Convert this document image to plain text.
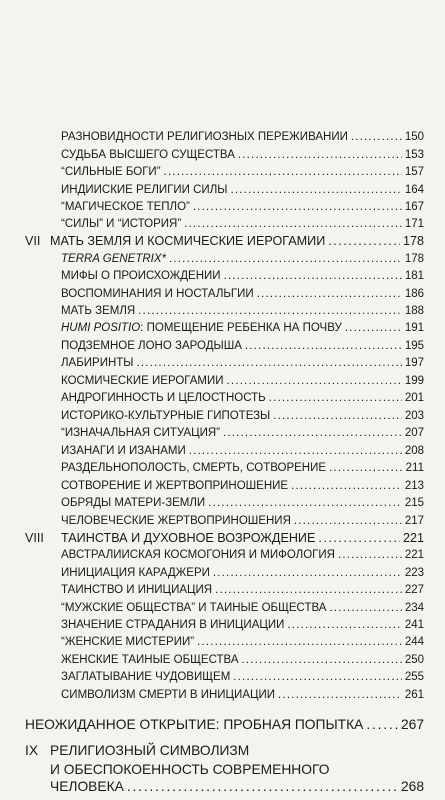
РАЗНОВИДНОСТИ РЕЛИГИОЗНЫХ ПЕРЕЖИВАНИЙ . . .	150
СУДЬБА ВЫСШЕГО СУЩЕСТВА . . .	153
“СИЛЬНЫЕ БОГИ” . . .	157
ИНДИЙСКИЕ РЕЛИГИИ СИЛЫ . . .	164
“МАГИЧЕСКОЕ ТЕПЛО” . . .	167
“СИЛЫ” И “ИСТОРИЯ” . . .	171
VII МАТЬ ЗЕМЛЯ И КОСМИЧЕСКИЕ ИЕРОГАМИИ . . .	178
TERRA GENETRIX* . . .	178
МИФЫ О ПРОИСХОЖДЕНИИ . . .	181
ВОСПОМИНАНИЯ И НОСТАЛЬГИИ . . .	186
МАТЬ ЗЕМЛЯ . . .	188
HUMI POSITIO: ПОМЕЩЕНИЕ РЕБЕНКА НА ПОЧВУ . . .	191
ПОДЗЕМНОЕ ЛОНО ЗАРОДЫША . . .	195
ЛАБИРИНТЫ . . .	197
КОСМИЧЕСКИЕ ИЕРОГАМИИ . . .	199
АНДРОГИННОСТЬ И ЦЕЛОСТНОСТЬ . . .	201
ИСТОРИКО-КУЛЬТУРНЫЕ ГИПОТЕЗЫ . . .	203
“ИЗНАЧАЛЬНАЯ СИТУАЦИЯ” . . .	207
ИЗАНАГИ И ИЗАНАМИ . . .	208
РАЗДЕЛЬНОПОЛОСТЬ, СМЕРТЬ, СОТВОРЕНИЕ . . .	211
СОТВОРЕНИЕ И ЖЕРТВОПРИНОШЕНИЕ . . .	213
ОБРЯДЫ МАТЕРИ-ЗЕМЛИ . . .	215
ЧЕЛОВЕЧЕСКИЕ ЖЕРТВОПРИНОШЕНИЯ . . .	217
VIII	ТАИНСТВА И ДУХОВНОЕ ВОЗРОЖДЕНИЕ . . .	221
АВСТРАЛИЙСКАЯ КОСМОГОНИЯ И МИФОЛОГИЯ . . .	221
ИНИЦИАЦИЯ КАРАДЖЕРИ . . .	223
ТАИНСТВО И ИНИЦИАЦИЯ . . .	227
“МУЖСКИЕ ОБЩЕСТВА” И ТАЙНЫЕ ОБЩЕСТВА . . .	234
ЗНАЧЕНИЕ СТРАДАНИЯ В ИНИЦИАЦИИ . . .	241
“ЖЕНСКИЕ МИСТЕРИИ” . . .	244
ЖЕНСКИЕ ТАЙНЫЕ ОБЩЕСТВА . . .	250
ЗАГЛАТЫВАНИЕ ЧУДОВИЩЕМ . . .	255
СИМВОЛИЗМ СМЕРТИ В ИНИЦИАЦИИ . . .	261
НЕОЖИДАННОЕ ОТКРЫТИЕ: ПРОБНАЯ ПОПЫТКА . . .	267
IX РЕЛИГИОЗНЫЙ СИМВОЛИЗМ
И ОБЕСПОКОЕННОСТЬ СОВРЕМЕННОГО
ЧЕЛОВЕКА . . .	268
